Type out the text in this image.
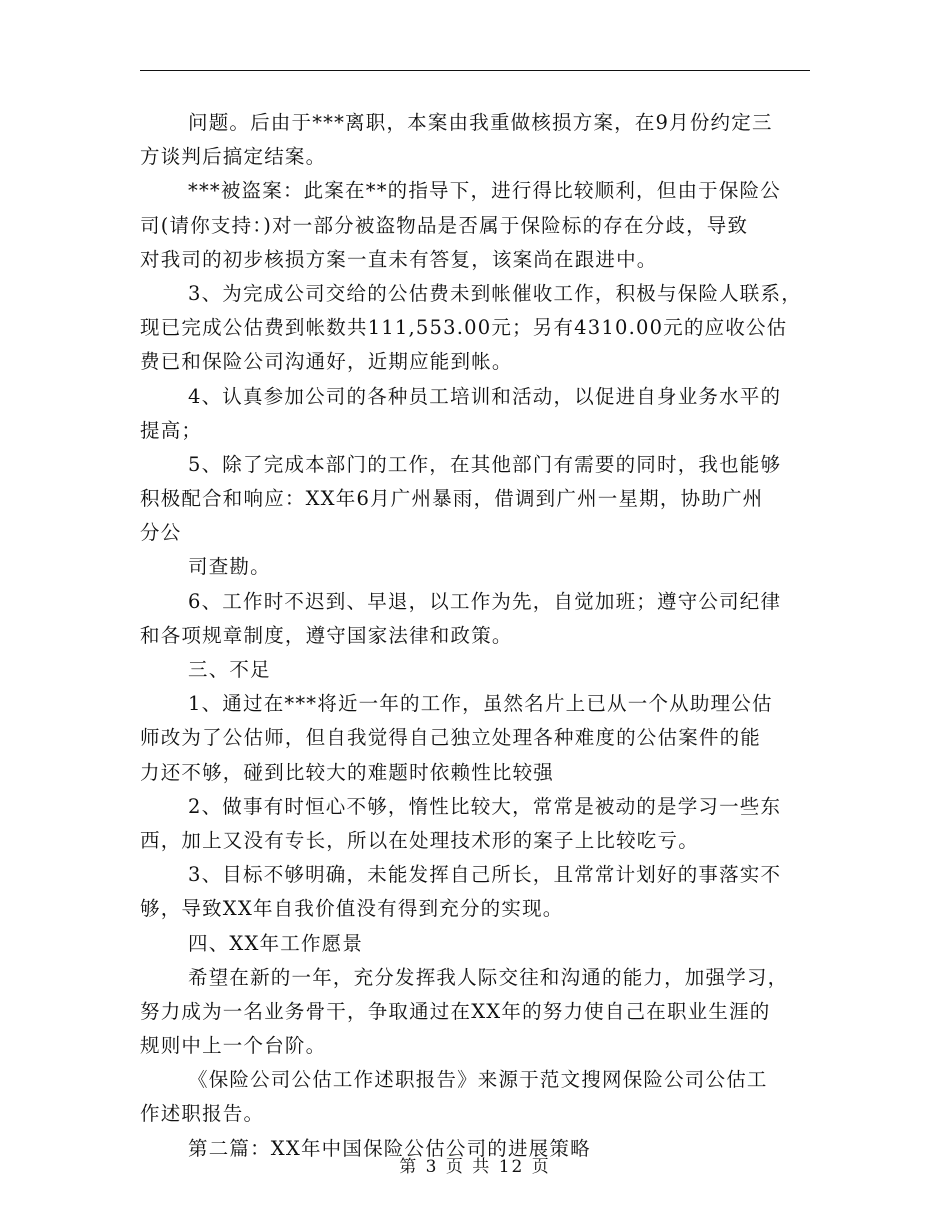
问题。后由于***离职，本案由我重做核损方案，在9月份约定三
方谈判后搞定结案。
***被盗案：此案在**的指导下，进行得比较顺利，但由于保险公
司(请你支持：)对一部分被盗物品是否属于保险标的存在分歧，导致
对我司的初步核损方案一直未有答复，该案尚在跟进中。
3、为完成公司交给的公估费未到帐催收工作，积极与保险人联系，
现已完成公估费到帐数共111,553.00元；另有4310.00元的应收公估
费已和保险公司沟通好，近期应能到帐。
4、认真参加公司的各种员工培训和活动，以促进自身业务水平的
提高；
5、除了完成本部门的工作，在其他部门有需要的同时，我也能够
积极配合和响应：XX年6月广州暴雨，借调到广州一星期，协助广州
分公
司查勘。
6、工作时不迟到、早退，以工作为先，自觉加班；遵守公司纪律
和各项规章制度，遵守国家法律和政策。
三、不足
1、通过在***将近一年的工作，虽然名片上已从一个从助理公估
师改为了公估师，但自我觉得自己独立处理各种难度的公估案件的能
力还不够，碰到比较大的难题时依赖性比较强
2、做事有时恒心不够，惰性比较大，常常是被动的是学习一些东
西，加上又没有专长，所以在处理技术形的案子上比较吃亏。
3、目标不够明确，未能发挥自己所长，且常常计划好的事落实不
够，导致XX年自我价值没有得到充分的实现。
四、XX年工作愿景
希望在新的一年，充分发挥我人际交往和沟通的能力，加强学习，
努力成为一名业务骨干，争取通过在XX年的努力使自己在职业生涯的
规则中上一个台阶。
《保险公司公估工作述职报告》来源于范文搜网保险公司公估工
作述职报告。
第二篇：XX年中国保险公估公司的进展策略
第 3 页 共 12 页
